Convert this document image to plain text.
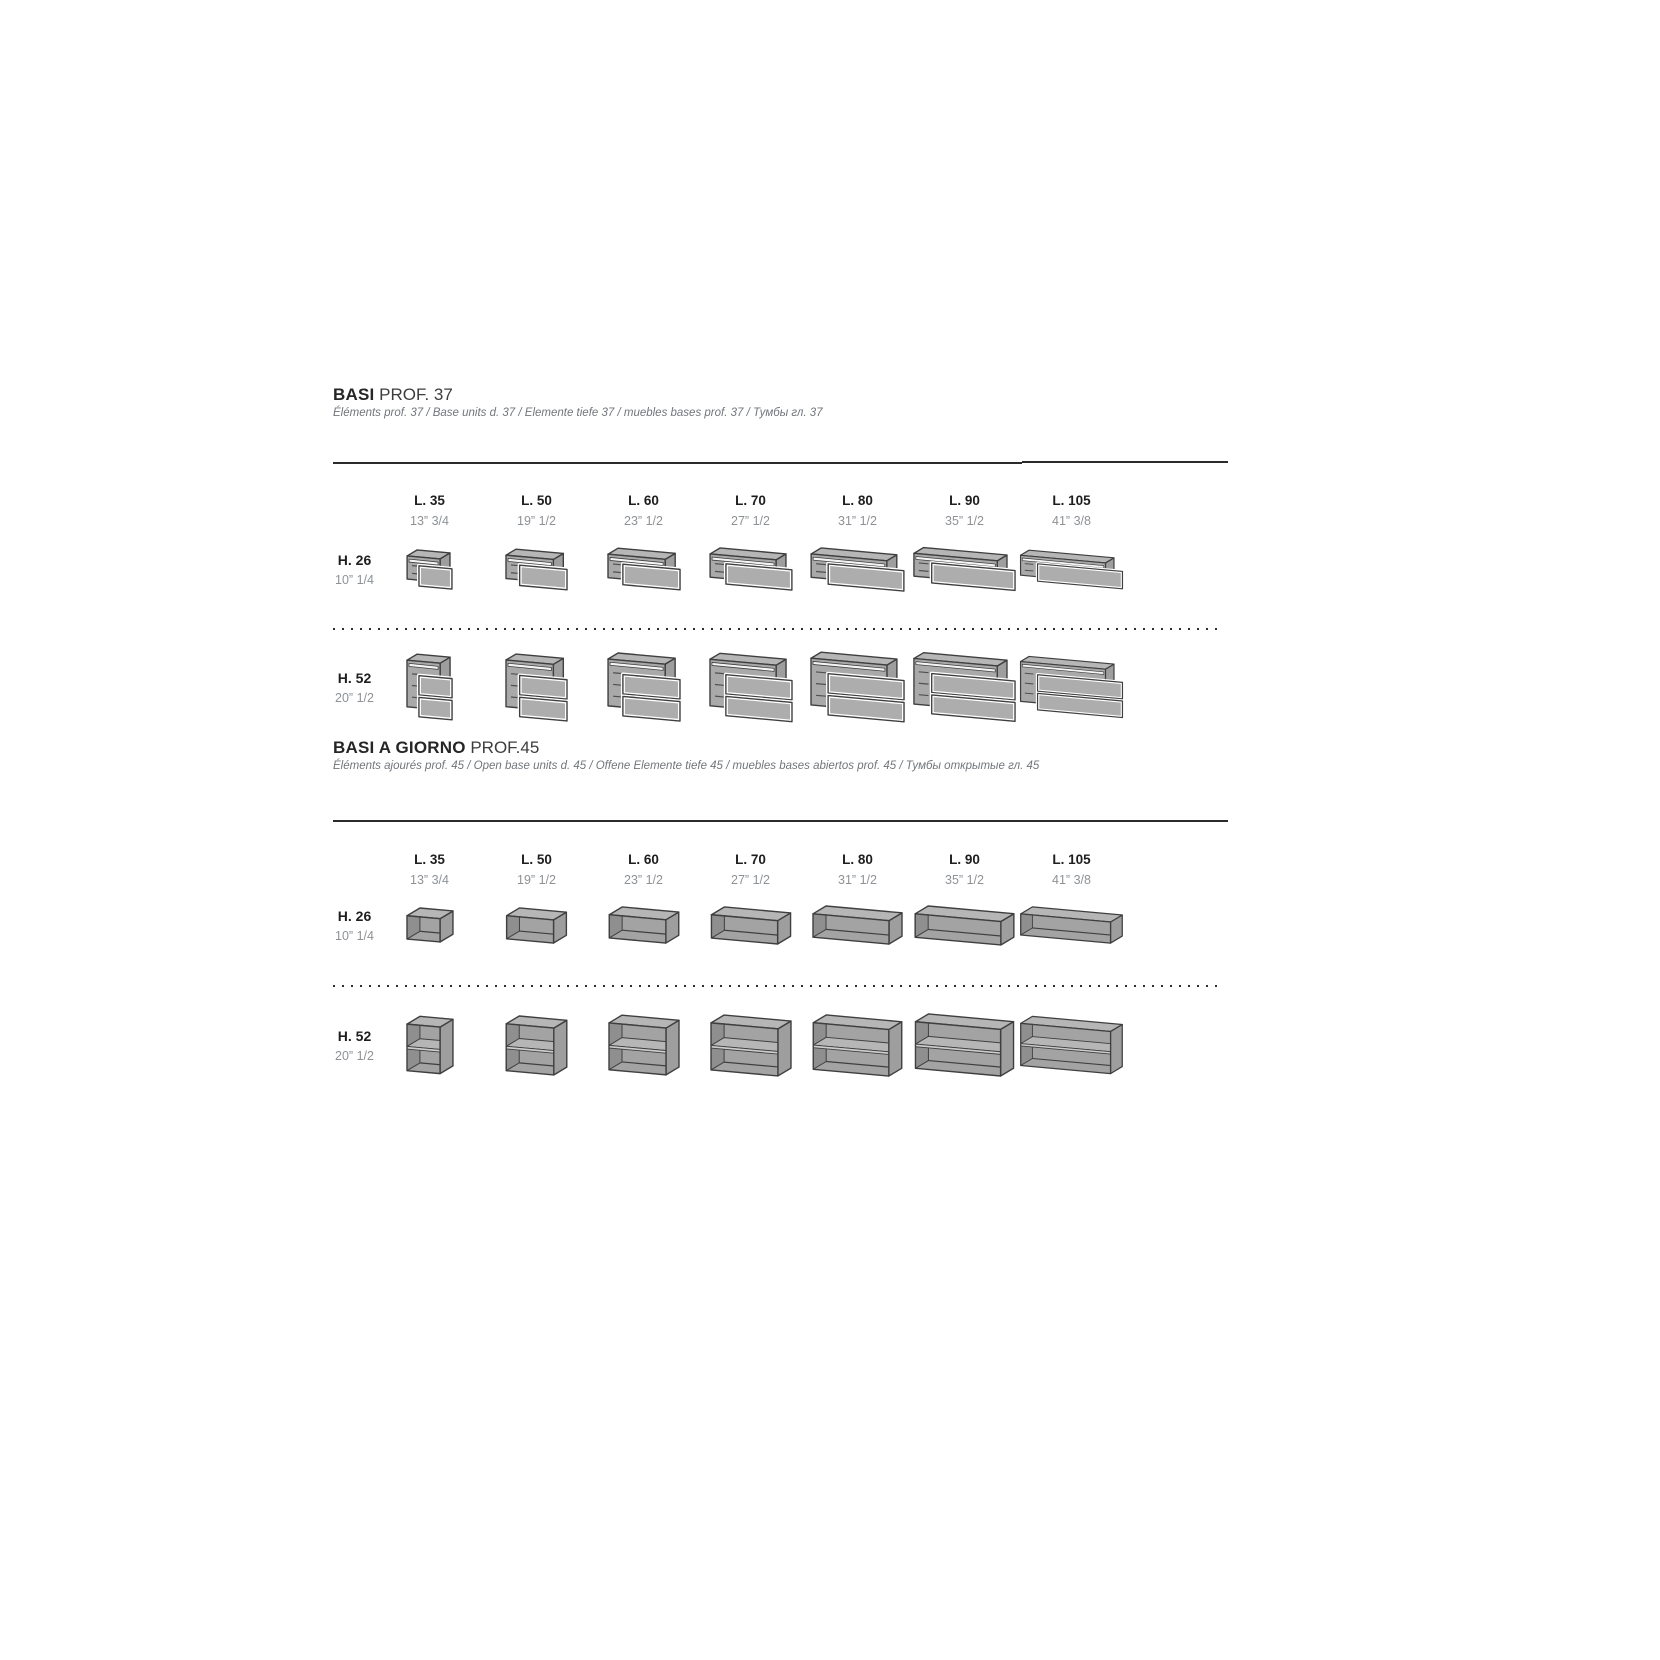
BASI PROF. 37

Éléments prof. 37 / Base units d. 37 / Elemente tiefe 37 / muebles bases prof. 37 / Тумбы гл. 37

L. 35
13” 3/4
L. 50
19” 1/2
L. 60
23” 1/2
L. 70
27” 1/2
L. 80
31” 1/2
L. 90
35” 1/2
L. 105
41” 3/8
H. 26
10” 1/4
H. 52
20” 1/2
BASI A GIORNO PROF.45

Éléments ajourés prof. 45 / Open base units d. 45 / Offene Elemente tiefe 45 / muebles bases abiertos prof. 45 / Тумбы открытые гл. 45

L. 35
13” 3/4
L. 50
19” 1/2
L. 60
23” 1/2
L. 70
27” 1/2
L. 80
31” 1/2
L. 90
35” 1/2
L. 105
41” 3/8
H. 26
10” 1/4
H. 52
20” 1/2
